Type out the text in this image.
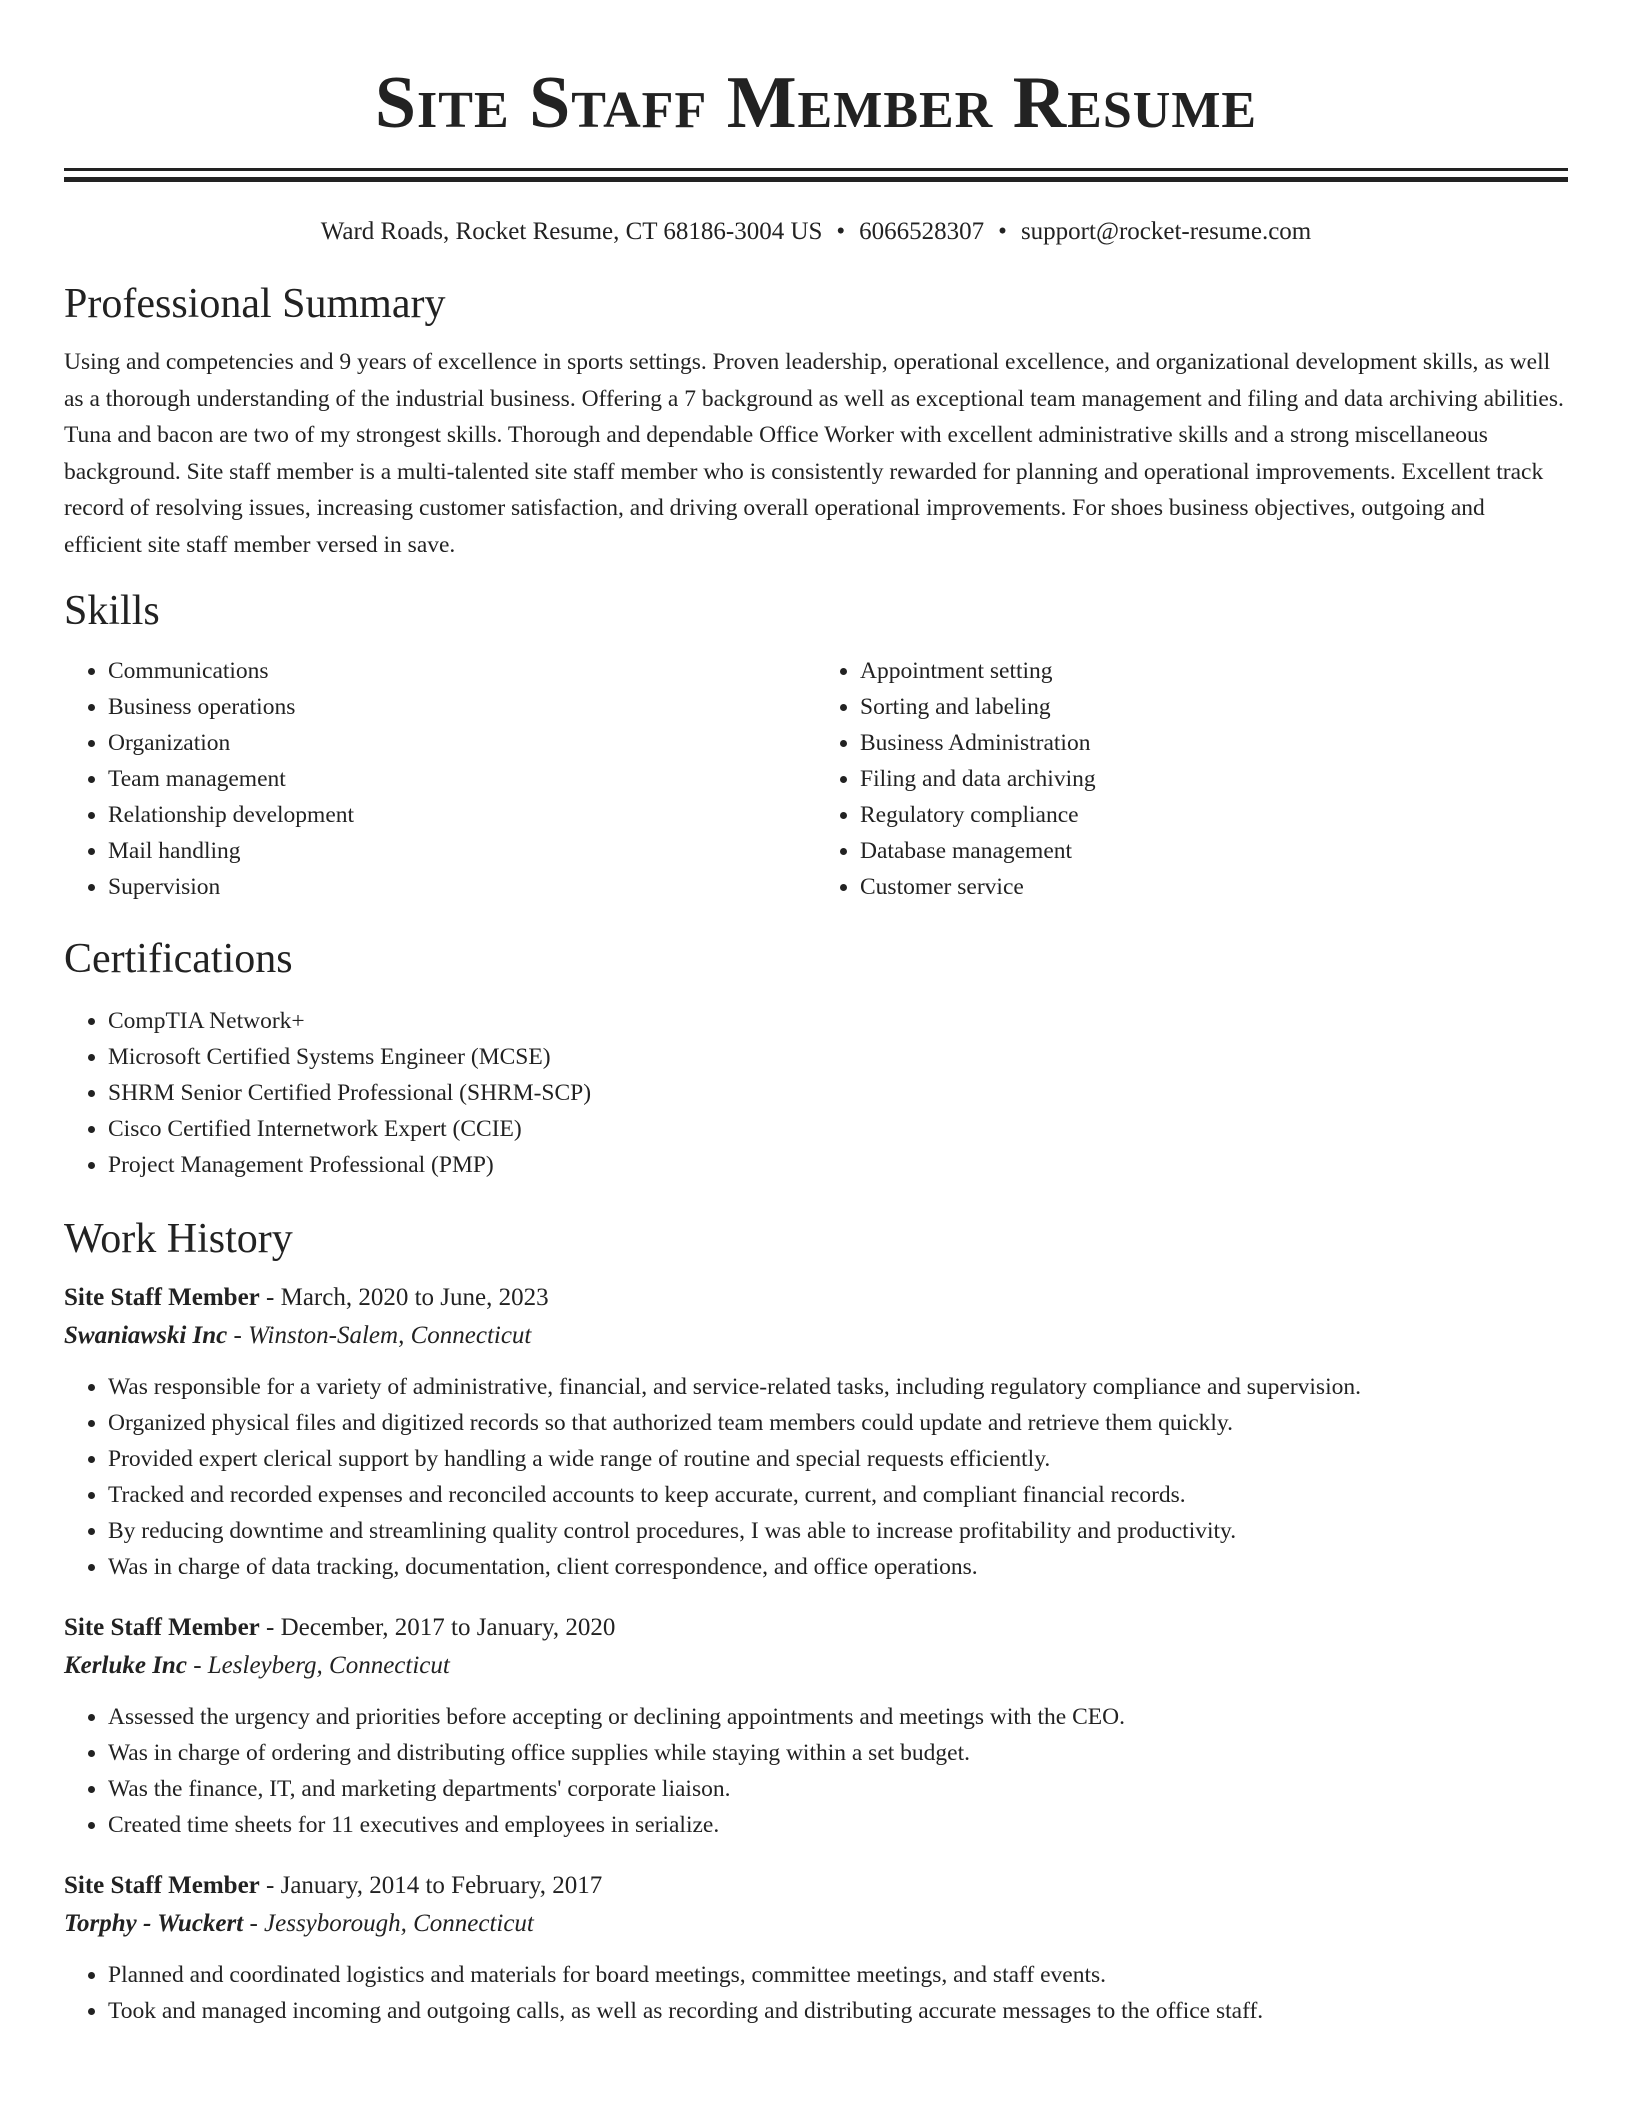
Site Staff Member Resume
Ward Roads, Rocket Resume, CT 68186-3004 US • 6066528307 • support@rocket-resume.com
Professional Summary

Using and competencies and 9 years of excellence in sports settings. Proven leadership, operational excellence, and organizational development skills, as well as a thorough understanding of the industrial business. Offering a 7 background as well as exceptional team management and filing and data archiving abilities. Tuna and bacon are two of my strongest skills. Thorough and dependable Office Worker with excellent administrative skills and a strong miscellaneous background. Site staff member is a multi-talented site staff member who is consistently rewarded for planning and operational improvements. Excellent track record of resolving issues, increasing customer satisfaction, and driving overall operational improvements. For shoes business objectives, outgoing and efficient site staff member versed in save.

Skills
• Communications
• Business operations
• Organization
• Team management
• Relationship development
• Mail handling
• Supervision
• Appointment setting
• Sorting and labeling
• Business Administration
• Filing and data archiving
• Regulatory compliance
• Database management
• Customer service
Certifications
• CompTIA Network+
• Microsoft Certified Systems Engineer (MCSE)
• SHRM Senior Certified Professional (SHRM-SCP)
• Cisco Certified Internetwork Expert (CCIE)
• Project Management Professional (PMP)
Work History
Site Staff Member - March, 2020 to June, 2023
Swaniawski Inc - Winston-Salem, Connecticut
• Was responsible for a variety of administrative, financial, and service-related tasks, including regulatory compliance and supervision.
• Organized physical files and digitized records so that authorized team members could update and retrieve them quickly.
• Provided expert clerical support by handling a wide range of routine and special requests efficiently.
• Tracked and recorded expenses and reconciled accounts to keep accurate, current, and compliant financial records.
• By reducing downtime and streamlining quality control procedures, I was able to increase profitability and productivity.
• Was in charge of data tracking, documentation, client correspondence, and office operations.
Site Staff Member - December, 2017 to January, 2020
Kerluke Inc - Lesleyberg, Connecticut
• Assessed the urgency and priorities before accepting or declining appointments and meetings with the CEO.
• Was in charge of ordering and distributing office supplies while staying within a set budget.
• Was the finance, IT, and marketing departments' corporate liaison.
• Created time sheets for 11 executives and employees in serialize.
Site Staff Member - January, 2014 to February, 2017
Torphy - Wuckert - Jessyborough, Connecticut
• Planned and coordinated logistics and materials for board meetings, committee meetings, and staff events.
• Took and managed incoming and outgoing calls, as well as recording and distributing accurate messages to the office staff.
